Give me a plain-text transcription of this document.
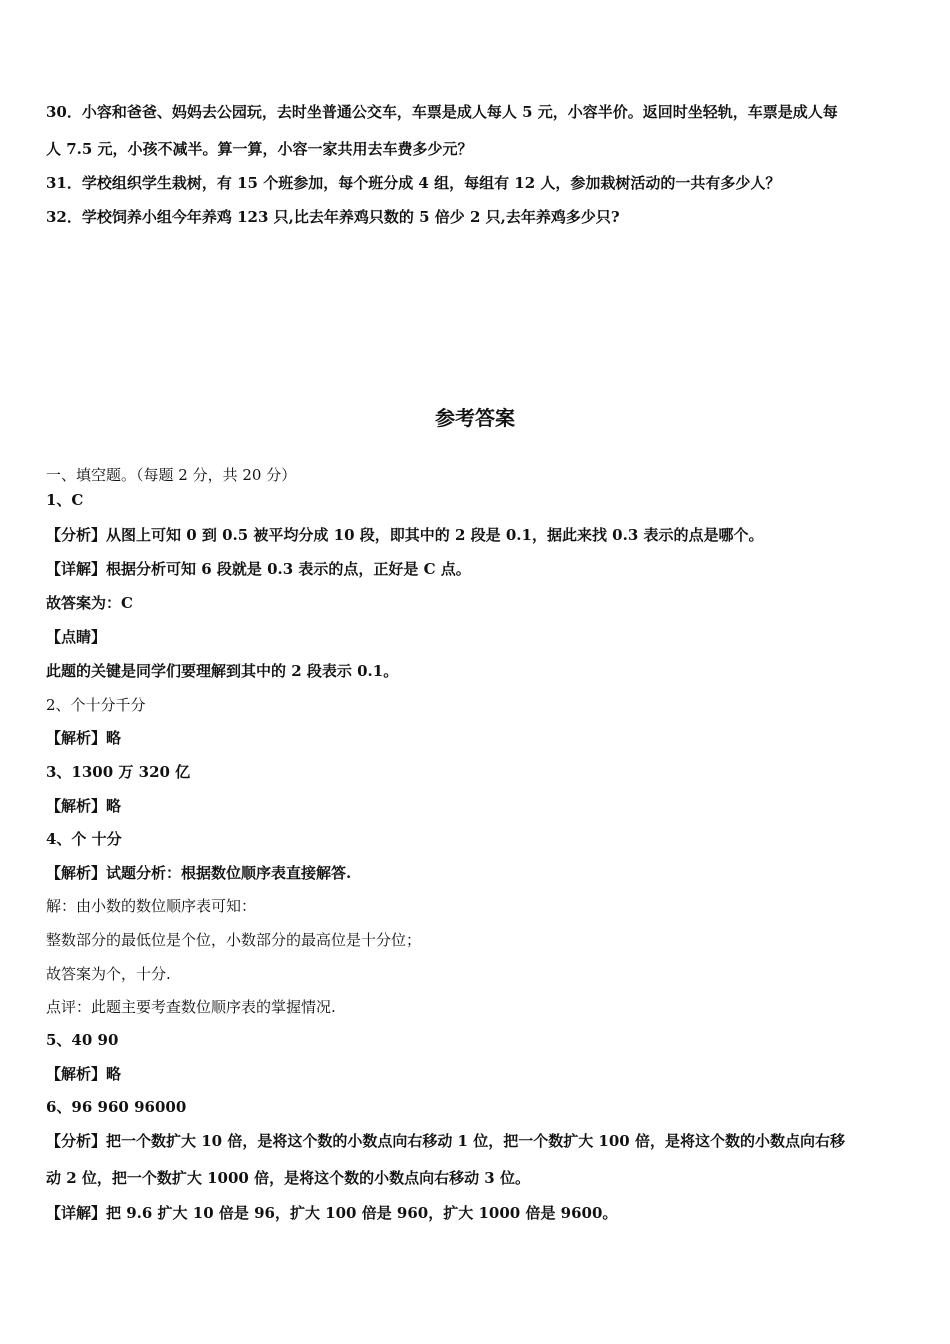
30．小容和爸爸、妈妈去公园玩，去时坐普通公交车，车票是成人每人 5 元，小容半价。返回时坐轻轨，车票是成人每
人 7.5 元，小孩不减半。算一算，小容一家共用去车费多少元？
31．学校组织学生栽树，有 15 个班参加，每个班分成 4 组，每组有 12 人，参加栽树活动的一共有多少人？
32．学校饲养小组今年养鸡 123 只,比去年养鸡只数的 5 倍少 2 只,去年养鸡多少只?
参考答案
一、填空题。（每题 2 分，共 20 分）
1、C
【分析】从图上可知 0 到 0.5 被平均分成 10 段，即其中的 2 段是 0.1，据此来找 0.3 表示的点是哪个。
【详解】根据分析可知 6 段就是 0.3 表示的点，正好是 C 点。
故答案为：C
【点睛】
此题的关键是同学们要理解到其中的 2 段表示 0.1。
2、个十分千分
【解析】略
3、1300 万 320 亿
【解析】略
4、个 十分
【解析】试题分析：根据数位顺序表直接解答.
解：由小数的数位顺序表可知：
整数部分的最低位是个位，小数部分的最高位是十分位；
故答案为个，十分.
点评：此题主要考查数位顺序表的掌握情况.
5、40 90
【解析】略
6、96 960 96000
【分析】把一个数扩大 10 倍，是将这个数的小数点向右移动 1 位，把一个数扩大 100 倍，是将这个数的小数点向右移
动 2 位，把一个数扩大 1000 倍，是将这个数的小数点向右移动 3 位。
【详解】把 9.6 扩大 10 倍是 96，扩大 100 倍是 960，扩大 1000 倍是 9600。
